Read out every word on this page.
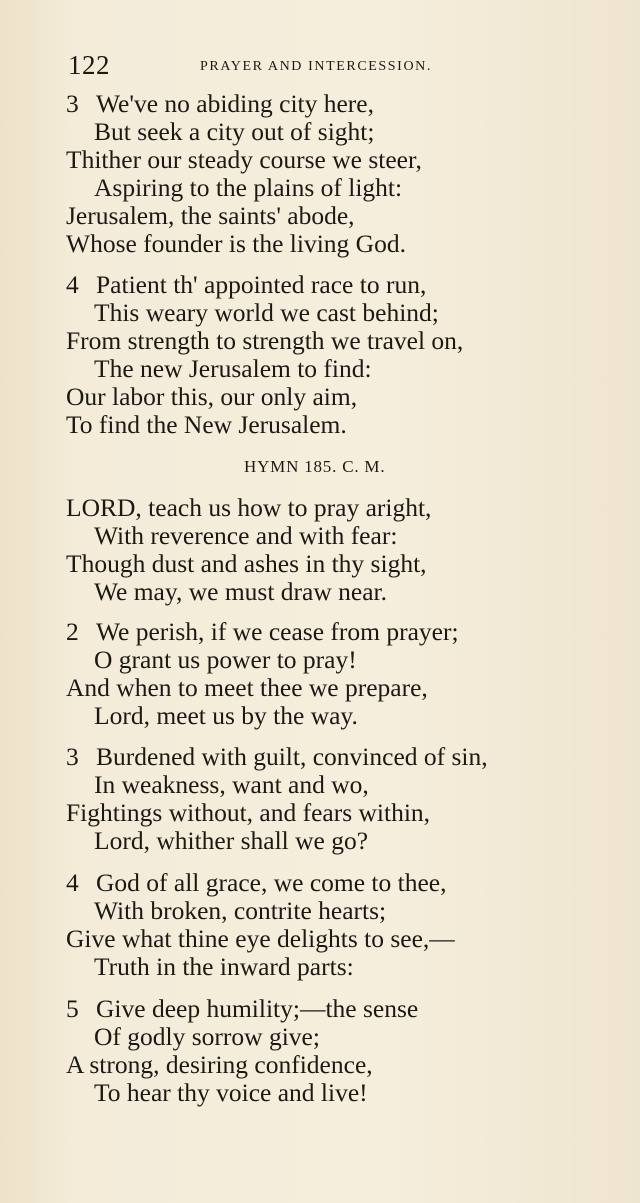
122	PRAYER AND INTERCESSION.
3 We've no abiding city here,
But seek a city out of sight;
Thither our steady course we steer,
Aspiring to the plains of light:
Jerusalem, the saints' abode,
Whose founder is the living God.
4 Patient th' appointed race to run,
This weary world we cast behind;
From strength to strength we travel on,
The new Jerusalem to find:
Our labor this, our only aim,
To find the New Jerusalem.
HYMN 185. C. M.
LORD, teach us how to pray aright,
With reverence and with fear:
Though dust and ashes in thy sight,
We may, we must draw near.
2 We perish, if we cease from prayer;
O grant us power to pray!
And when to meet thee we prepare,
Lord, meet us by the way.
3 Burdened with guilt, convinced of sin,
In weakness, want and wo,
Fightings without, and fears within,
Lord, whither shall we go?
4 God of all grace, we come to thee,
With broken, contrite hearts;
Give what thine eye delights to see,—
Truth in the inward parts:
5 Give deep humility;—the sense
Of godly sorrow give;
A strong, desiring confidence,
To hear thy voice and live!
